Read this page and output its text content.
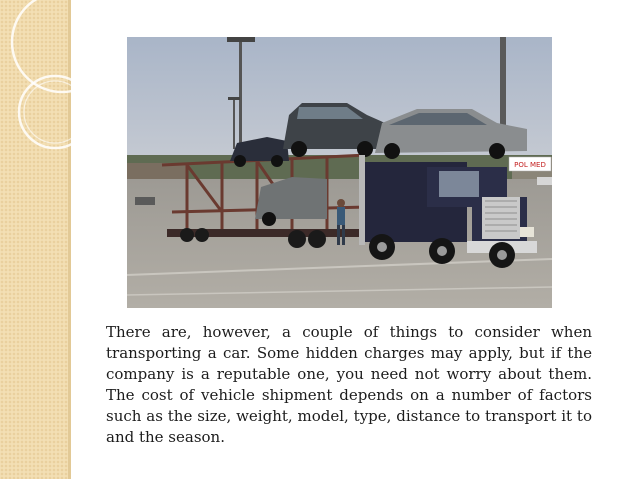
POL MED

There are, however, a couple of things to consider when transporting a car. Some hidden charges may apply, but if the company is a reputable one, you need not worry about them. The cost of vehicle shipment depends on a number of factors such as the size, weight, model, type, distance to transport it to and the season.
